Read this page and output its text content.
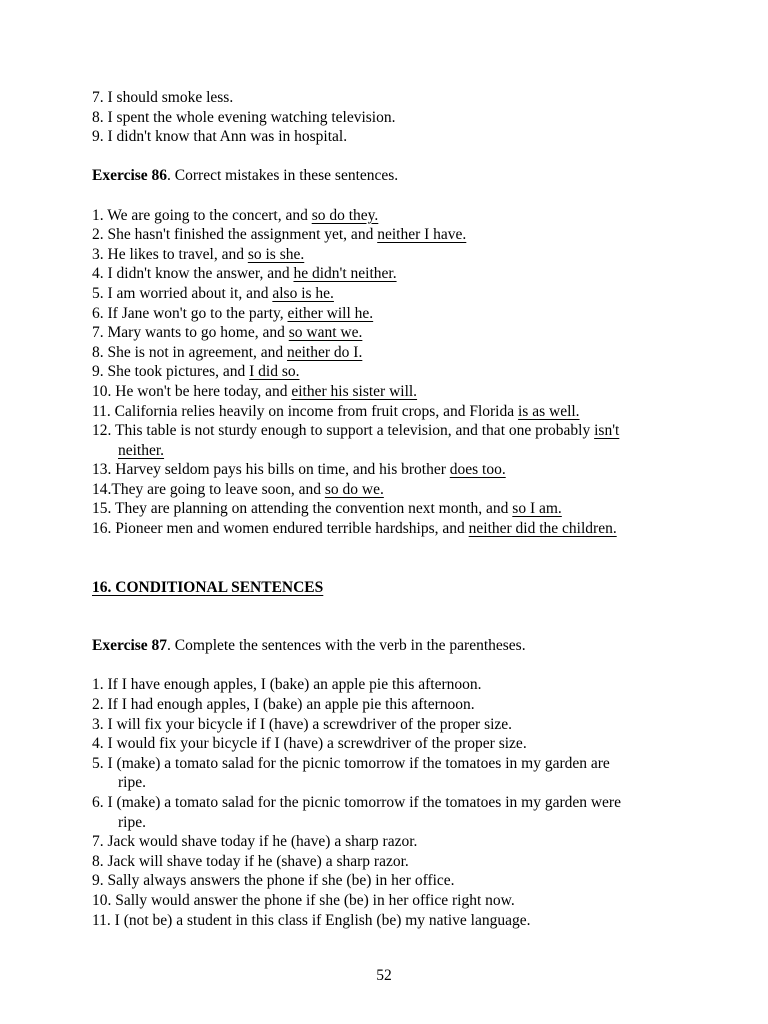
7. I should smoke less.
8. I spent the whole evening watching television.
9. I didn't know that Ann was in hospital.
Exercise 86. Correct mistakes in these sentences.
1. We are going to the concert, and so do they.
2. She hasn't finished the assignment yet, and neither I have.
3. He likes to travel, and so is she.
4. I didn't know the answer, and he didn't neither.
5. I am worried about it, and also is he.
6. If Jane won't go to the party, either will he.
7. Mary wants to go home, and so want we.
8. She is not in agreement, and neither do I.
9. She took pictures, and I did so.
10. He won't be here today, and either his sister will.
11. California relies heavily on income from fruit crops, and Florida is as well.
12. This table is not sturdy enough to support a television, and that one probably isn't
neither.
13. Harvey seldom pays his bills on time, and his brother does too.
14.They are going to leave soon, and so do we.
15. They are planning on attending the convention next month, and so I am.
16. Pioneer men and women endured terrible hardships, and neither did the children.
16. CONDITIONAL SENTENCES
Exercise 87. Complete the sentences with the verb in the parentheses.
1. If I have enough apples, I (bake) an apple pie this afternoon.
2. If I had enough apples, I (bake) an apple pie this afternoon.
3. I will fix your bicycle if I (have) a screwdriver of the proper size.
4. I would fix your bicycle if I (have) a screwdriver of the proper size.
5. I (make) a tomato salad for the picnic tomorrow if the tomatoes in my garden are
ripe.
6. I (make) a tomato salad for the picnic tomorrow if the tomatoes in my garden were
ripe.
7. Jack would shave today if he (have) a sharp razor.
8. Jack will shave today if he (shave) a sharp razor.
9. Sally always answers the phone if she (be) in her office.
10. Sally would answer the phone if she (be) in her office right now.
11. I (not be) a student in this class if English (be) my native language.
52
